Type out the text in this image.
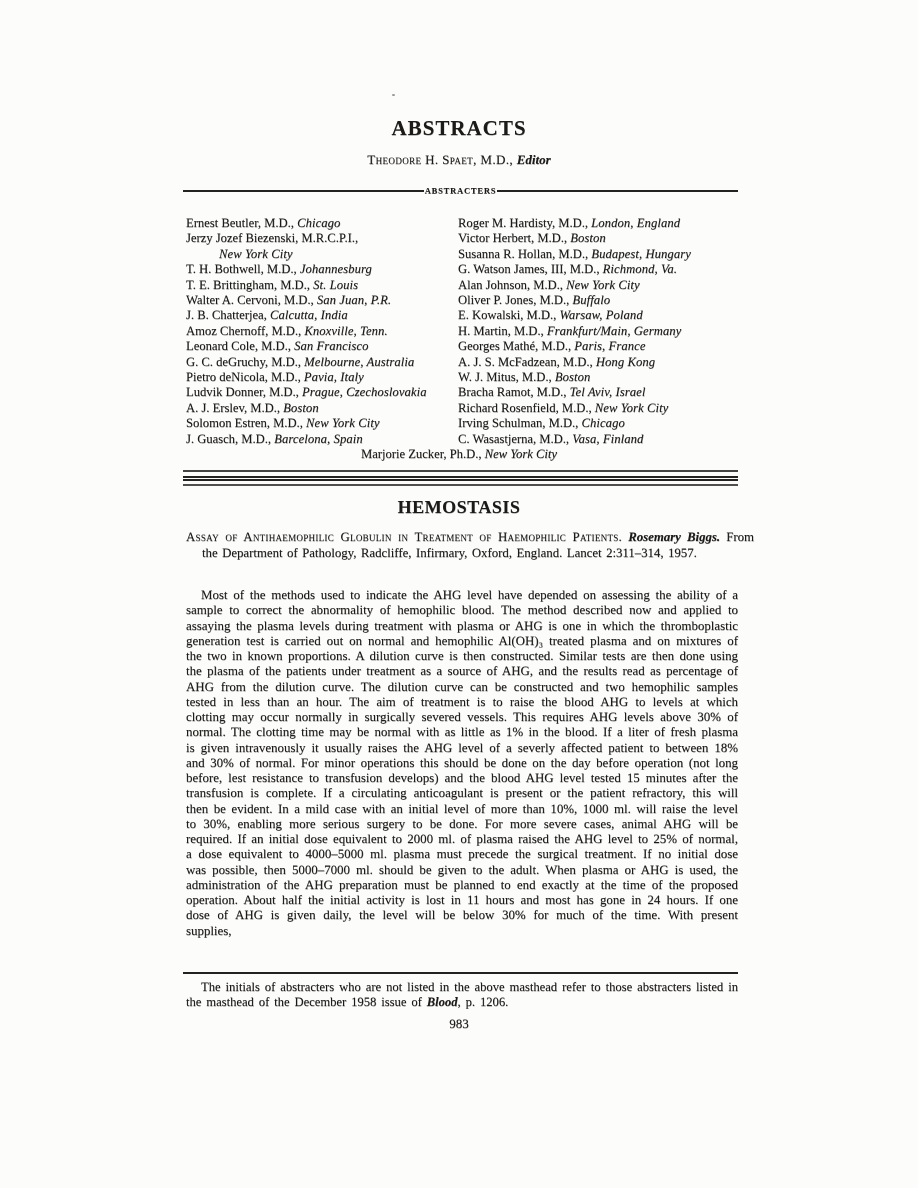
ABSTRACTS
Theodore H. Spaet, M.D., Editor
ABSTRACTERS
Ernest Beutler, M.D., Chicago
Jerzy Jozef Biezenski, M.R.C.P.I.,
New York City
T. H. Bothwell, M.D., Johannesburg
T. E. Brittingham, M.D., St. Louis
Walter A. Cervoni, M.D., San Juan, P.R.
J. B. Chatterjea, Calcutta, India
Amoz Chernoff, M.D., Knoxville, Tenn.
Leonard Cole, M.D., San Francisco
G. C. deGruchy, M.D., Melbourne, Australia
Pietro deNicola, M.D., Pavia, Italy
Ludvik Donner, M.D., Prague, Czechoslovakia
A. J. Erslev, M.D., Boston
Solomon Estren, M.D., New York City
J. Guasch, M.D., Barcelona, Spain
Roger M. Hardisty, M.D., London, England
Victor Herbert, M.D., Boston
Susanna R. Hollan, M.D., Budapest, Hungary
G. Watson James, III, M.D., Richmond, Va.
Alan Johnson, M.D., New York City
Oliver P. Jones, M.D., Buffalo
E. Kowalski, M.D., Warsaw, Poland
H. Martin, M.D., Frankfurt/Main, Germany
Georges Mathé, M.D., Paris, France
A. J. S. McFadzean, M.D., Hong Kong
W. J. Mitus, M.D., Boston
Bracha Ramot, M.D., Tel Aviv, Israel
Richard Rosenfield, M.D., New York City
Irving Schulman, M.D., Chicago
C. Wasastjerna, M.D., Vasa, Finland
Marjorie Zucker, Ph.D., New York City
HEMOSTASIS
Assay of Antihaemophilic Globulin in Treatment of Haemophilic Patients. Rosemary Biggs. From the Department of Pathology, Radcliffe, Infirmary, Oxford, England. Lancet 2:311–314, 1957.
Most of the methods used to indicate the AHG level have depended on assessing the ability of a sample to correct the abnormality of hemophilic blood. The method described now and applied to assaying the plasma levels during treatment with plasma or AHG is one in which the thromboplastic generation test is carried out on normal and hemophilic Al(OH)₃ treated plasma and on mixtures of the two in known proportions. A dilution curve is then constructed. Similar tests are then done using the plasma of the patients under treatment as a source of AHG, and the results read as percentage of AHG from the dilution curve. The dilution curve can be constructed and two hemophilic samples tested in less than an hour. The aim of treatment is to raise the blood AHG to levels at which clotting may occur normally in surgically severed vessels. This requires AHG levels above 30% of normal. The clotting time may be normal with as little as 1% in the blood. If a liter of fresh plasma is given intravenously it usually raises the AHG level of a severly affected patient to between 18% and 30% of normal. For minor operations this should be done on the day before operation (not long before, lest resistance to transfusion develops) and the blood AHG level tested 15 minutes after the transfusion is complete. If a circulating anticoagulant is present or the patient refractory, this will then be evident. In a mild case with an initial level of more than 10%, 1000 ml. will raise the level to 30%, enabling more serious surgery to be done. For more severe cases, animal AHG will be required. If an initial dose equivalent to 2000 ml. of plasma raised the AHG level to 25% of normal, a dose equivalent to 4000–5000 ml. plasma must precede the surgical treatment. If no initial dose was possible, then 5000–7000 ml. should be given to the adult. When plasma or AHG is used, the administration of the AHG preparation must be planned to end exactly at the time of the proposed operation. About half the initial activity is lost in 11 hours and most has gone in 24 hours. If one dose of AHG is given daily, the level will be below 30% for much of the time. With present supplies,
The initials of abstracters who are not listed in the above masthead refer to those abstracters listed in the masthead of the December 1958 issue of Blood, p. 1206.
983
